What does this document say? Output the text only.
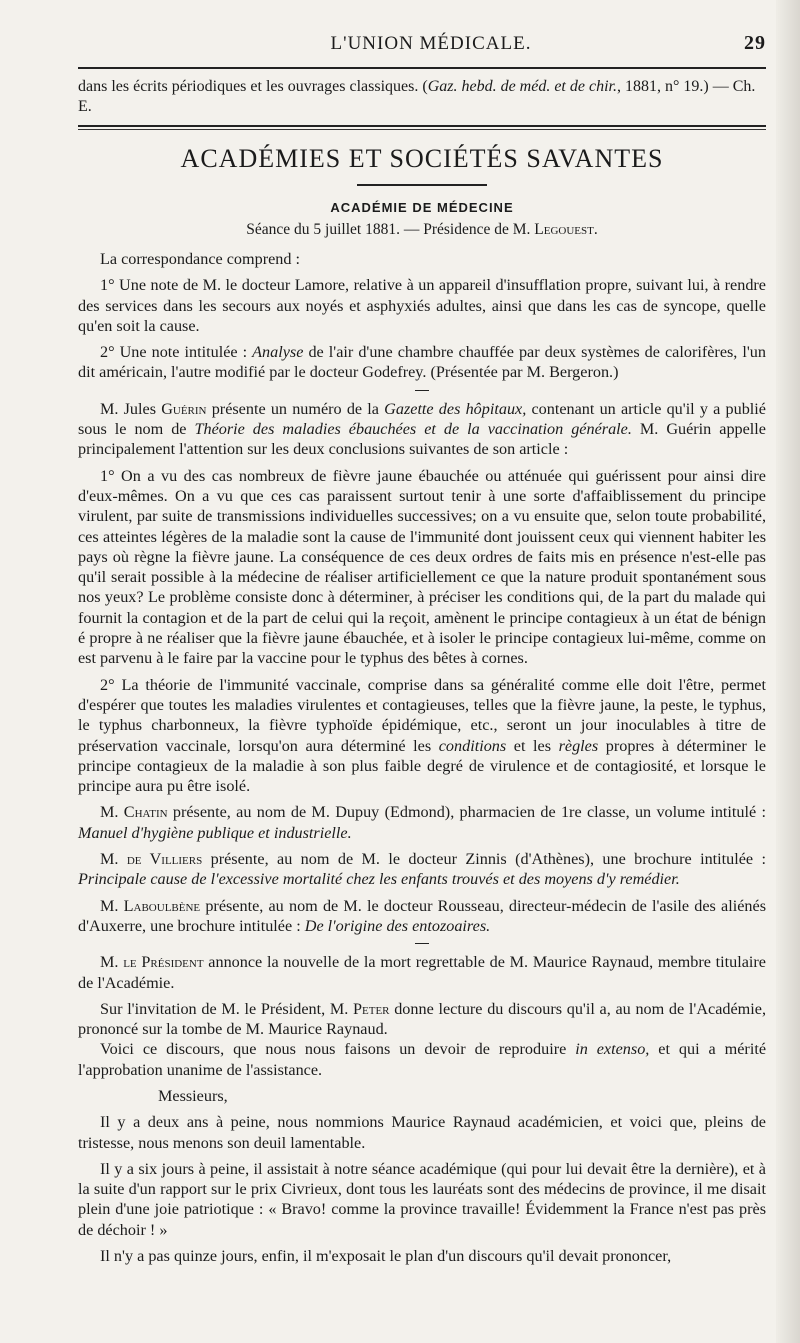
L'UNION MÉDICALE.	29
dans les écrits périodiques et les ouvrages classiques. (Gaz. hebd. de méd. et de chir., 1881, n° 19.) — Ch. E.
ACADÉMIES ET SOCIÉTÉS SAVANTES
ACADÉMIE DE MÉDECINE
Séance du 5 juillet 1881. — Présidence de M. Legouest.

La correspondance comprend :

1° Une note de M. le docteur Lamore, relative à un appareil d'insufflation propre, suivant lui, à rendre des services dans les secours aux noyés et asphyxiés adultes, ainsi que dans les cas de syncope, quelle qu'en soit la cause.

2° Une note intitulée : Analyse de l'air d'une chambre chauffée par deux systèmes de calorifères, l'un dit américain, l'autre modifié par le docteur Godefrey. (Présentée par M. Bergeron.)

M. Jules Guérin présente un numéro de la Gazette des hôpitaux, contenant un article qu'il y a publié sous le nom de Théorie des maladies ébauchées et de la vaccination générale. M. Guérin appelle principalement l'attention sur les deux conclusions suivantes de son article :

1° On a vu des cas nombreux de fièvre jaune ébauchée ou atténuée qui guérissent pour ainsi dire d'eux-mêmes. On a vu que ces cas paraissent surtout tenir à une sorte d'affaiblissement du principe virulent, par suite de transmissions individuelles successives; on a vu ensuite que, selon toute probabilité, ces atteintes légères de la maladie sont la cause de l'immunité dont jouissent ceux qui viennent habiter les pays où règne la fièvre jaune. La conséquence de ces deux ordres de faits mis en présence n'est-elle pas qu'il serait possible à la médecine de réaliser artificiellement ce que la nature produit spontanément sous nos yeux? Le problème consiste donc à déterminer, à préciser les conditions qui, de la part du malade qui fournit la contagion et de la part de celui qui la reçoit, amènent le principe contagieux à un état de bénign é propre à ne réaliser que la fièvre jaune ébauchée, et à isoler le principe contagieux lui-même, comme on est parvenu à le faire par la vaccine pour le typhus des bêtes à cornes.

2° La théorie de l'immunité vaccinale, comprise dans sa généralité comme elle doit l'être, permet d'espérer que toutes les maladies virulentes et contagieuses, telles que la fièvre jaune, la peste, le typhus, le typhus charbonneux, la fièvre typhoïde épidémique, etc., seront un jour inoculables à titre de préservation vaccinale, lorsqu'on aura déterminé les conditions et les règles propres à déterminer le principe contagieux de la maladie à son plus faible degré de virulence et de contagiosité, et lorsque le principe aura pu être isolé.

M. Chatin présente, au nom de M. Dupuy (Edmond), pharmacien de 1re classe, un volume intitulé : Manuel d'hygiène publique et industrielle.

M. de Villiers présente, au nom de M. le docteur Zinnis (d'Athènes), une brochure intitulée : Principale cause de l'excessive mortalité chez les enfants trouvés et des moyens d'y remédier.

M. Laboulbène présente, au nom de M. le docteur Rousseau, directeur-médecin de l'asile des aliénés d'Auxerre, une brochure intitulée : De l'origine des entozoaires.

M. le Président annonce la nouvelle de la mort regrettable de M. Maurice Raynaud, membre titulaire de l'Académie.

Sur l'invitation de M. le Président, M. Peter donne lecture du discours qu'il a, au nom de l'Académie, prononcé sur la tombe de M. Maurice Raynaud.

Voici ce discours, que nous nous faisons un devoir de reproduire in extenso, et qui a mérité l'approbation unanime de l'assistance.

Messieurs,

Il y a deux ans à peine, nous nommions Maurice Raynaud académicien, et voici que, pleins de tristesse, nous menons son deuil lamentable.

Il y a six jours à peine, il assistait à notre séance académique (qui pour lui devait être la dernière), et à la suite d'un rapport sur le prix Civrieux, dont tous les lauréats sont des médecins de province, il me disait plein d'une joie patriotique : « Bravo! comme la province travaille! Évidemment la France n'est pas près de déchoir ! »

Il n'y a pas quinze jours, enfin, il m'exposait le plan d'un discours qu'il devait prononcer,
